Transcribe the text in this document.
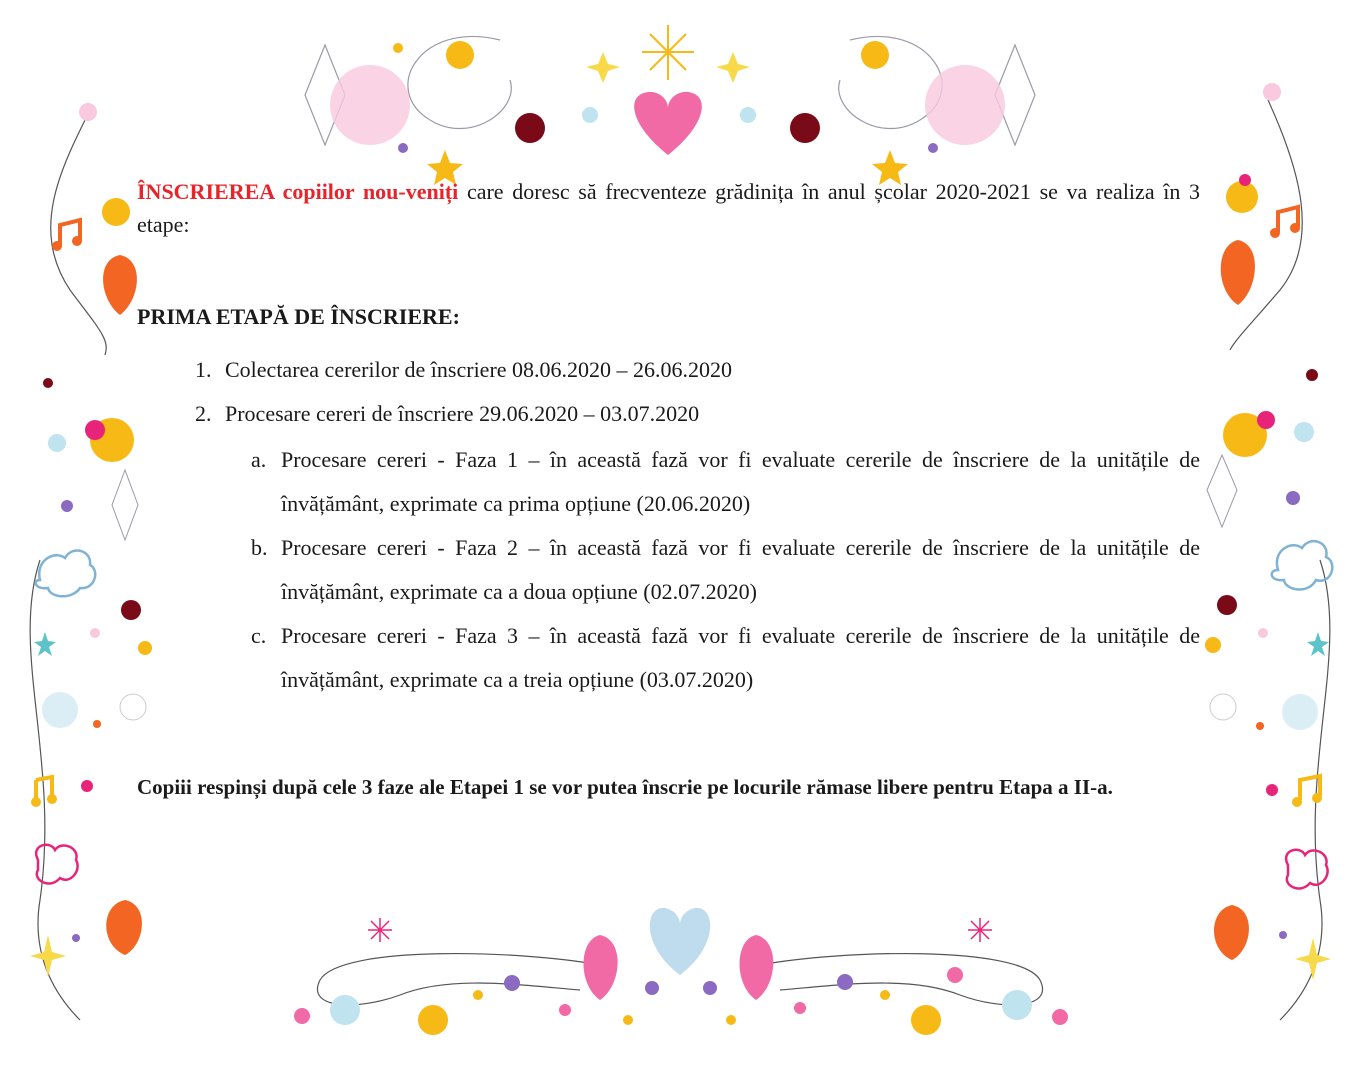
ÎNSCRIEREA copiilor nou-veniți care doresc să frecventeze grădinița în anul școlar 2020-2021 se va realiza în 3 etape:
PRIMA ETAPĂ DE ÎNSCRIERE:
1. Colectarea cererilor de înscriere 08.06.2020 – 26.06.2020
2. Procesare cereri de înscriere 29.06.2020 – 03.07.2020
a. Procesare cereri - Faza 1 – în această fază vor fi evaluate cererile de înscriere de la unitățile de învățământ, exprimate ca prima opțiune (20.06.2020)
b. Procesare cereri - Faza 2 – în această fază vor fi evaluate cererile de înscriere de la unitățile de învățământ, exprimate ca a doua opțiune (02.07.2020)
c. Procesare cereri - Faza 3 – în această fază vor fi evaluate cererile de înscriere de la unitățile de învățământ, exprimate ca a treia opțiune (03.07.2020)
Copiii respinși după cele 3 faze ale Etapei 1 se vor putea înscrie pe locurile rămase libere pentru Etapa a II-a.
